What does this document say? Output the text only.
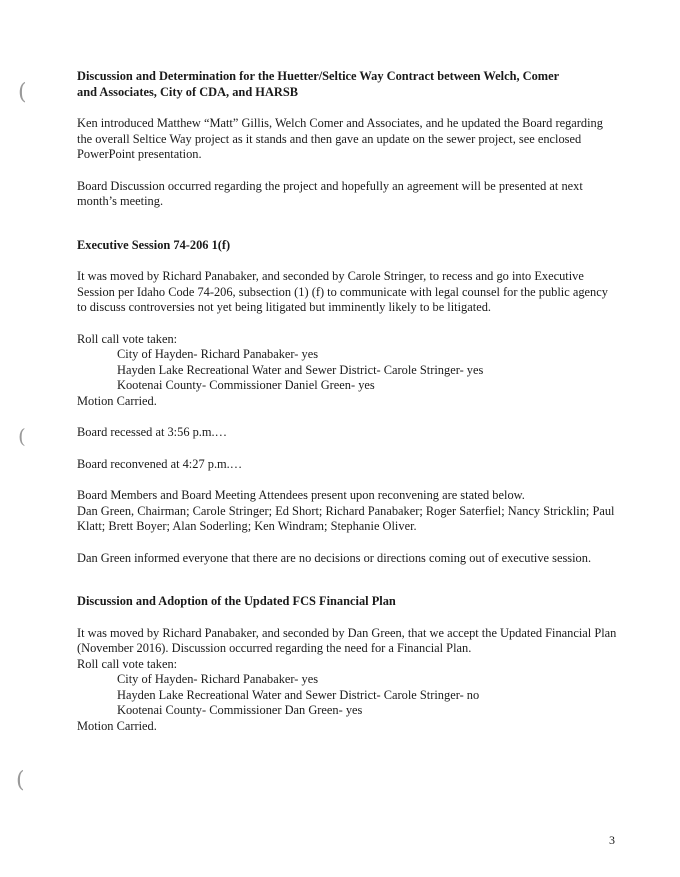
(
(
(

Discussion and Determination for the Huetter/Seltice Way Contract between Welch, Comer
and Associates, City of CDA, and HARSB

Ken introduced Matthew “Matt” Gillis, Welch Comer and Associates, and he updated the Board regarding the overall Seltice Way project as it stands and then gave an update on the sewer project, see enclosed PowerPoint presentation.

Board Discussion occurred regarding the project and hopefully an agreement will be presented at next month’s meeting.

Executive Session 74-206 1(f)

It was moved by Richard Panabaker, and seconded by Carole Stringer, to recess and go into Executive Session per Idaho Code 74-206, subsection (1) (f) to communicate with legal counsel for the public agency to discuss controversies not yet being litigated but imminently likely to be litigated.

Roll call vote taken:

City of Hayden- Richard Panabaker- yes

Hayden Lake Recreational Water and Sewer District- Carole Stringer- yes

Kootenai County- Commissioner Daniel Green- yes

Motion Carried.

Board recessed at 3:56 p.m.…

Board reconvened at 4:27 p.m.…

Board Members and Board Meeting Attendees present upon reconvening are stated below.

Dan Green, Chairman; Carole Stringer; Ed Short; Richard Panabaker; Roger Saterfiel; Nancy Stricklin; Paul Klatt; Brett Boyer; Alan Soderling; Ken Windram; Stephanie Oliver.

Dan Green informed everyone that there are no decisions or directions coming out of executive session.

Discussion and Adoption of the Updated FCS Financial Plan

It was moved by Richard Panabaker, and seconded by Dan Green, that we accept the Updated Financial Plan (November 2016). Discussion occurred regarding the need for a Financial Plan.

Roll call vote taken:

City of Hayden- Richard Panabaker- yes

Hayden Lake Recreational Water and Sewer District- Carole Stringer- no

Kootenai County- Commissioner Dan Green- yes

Motion Carried.

3
